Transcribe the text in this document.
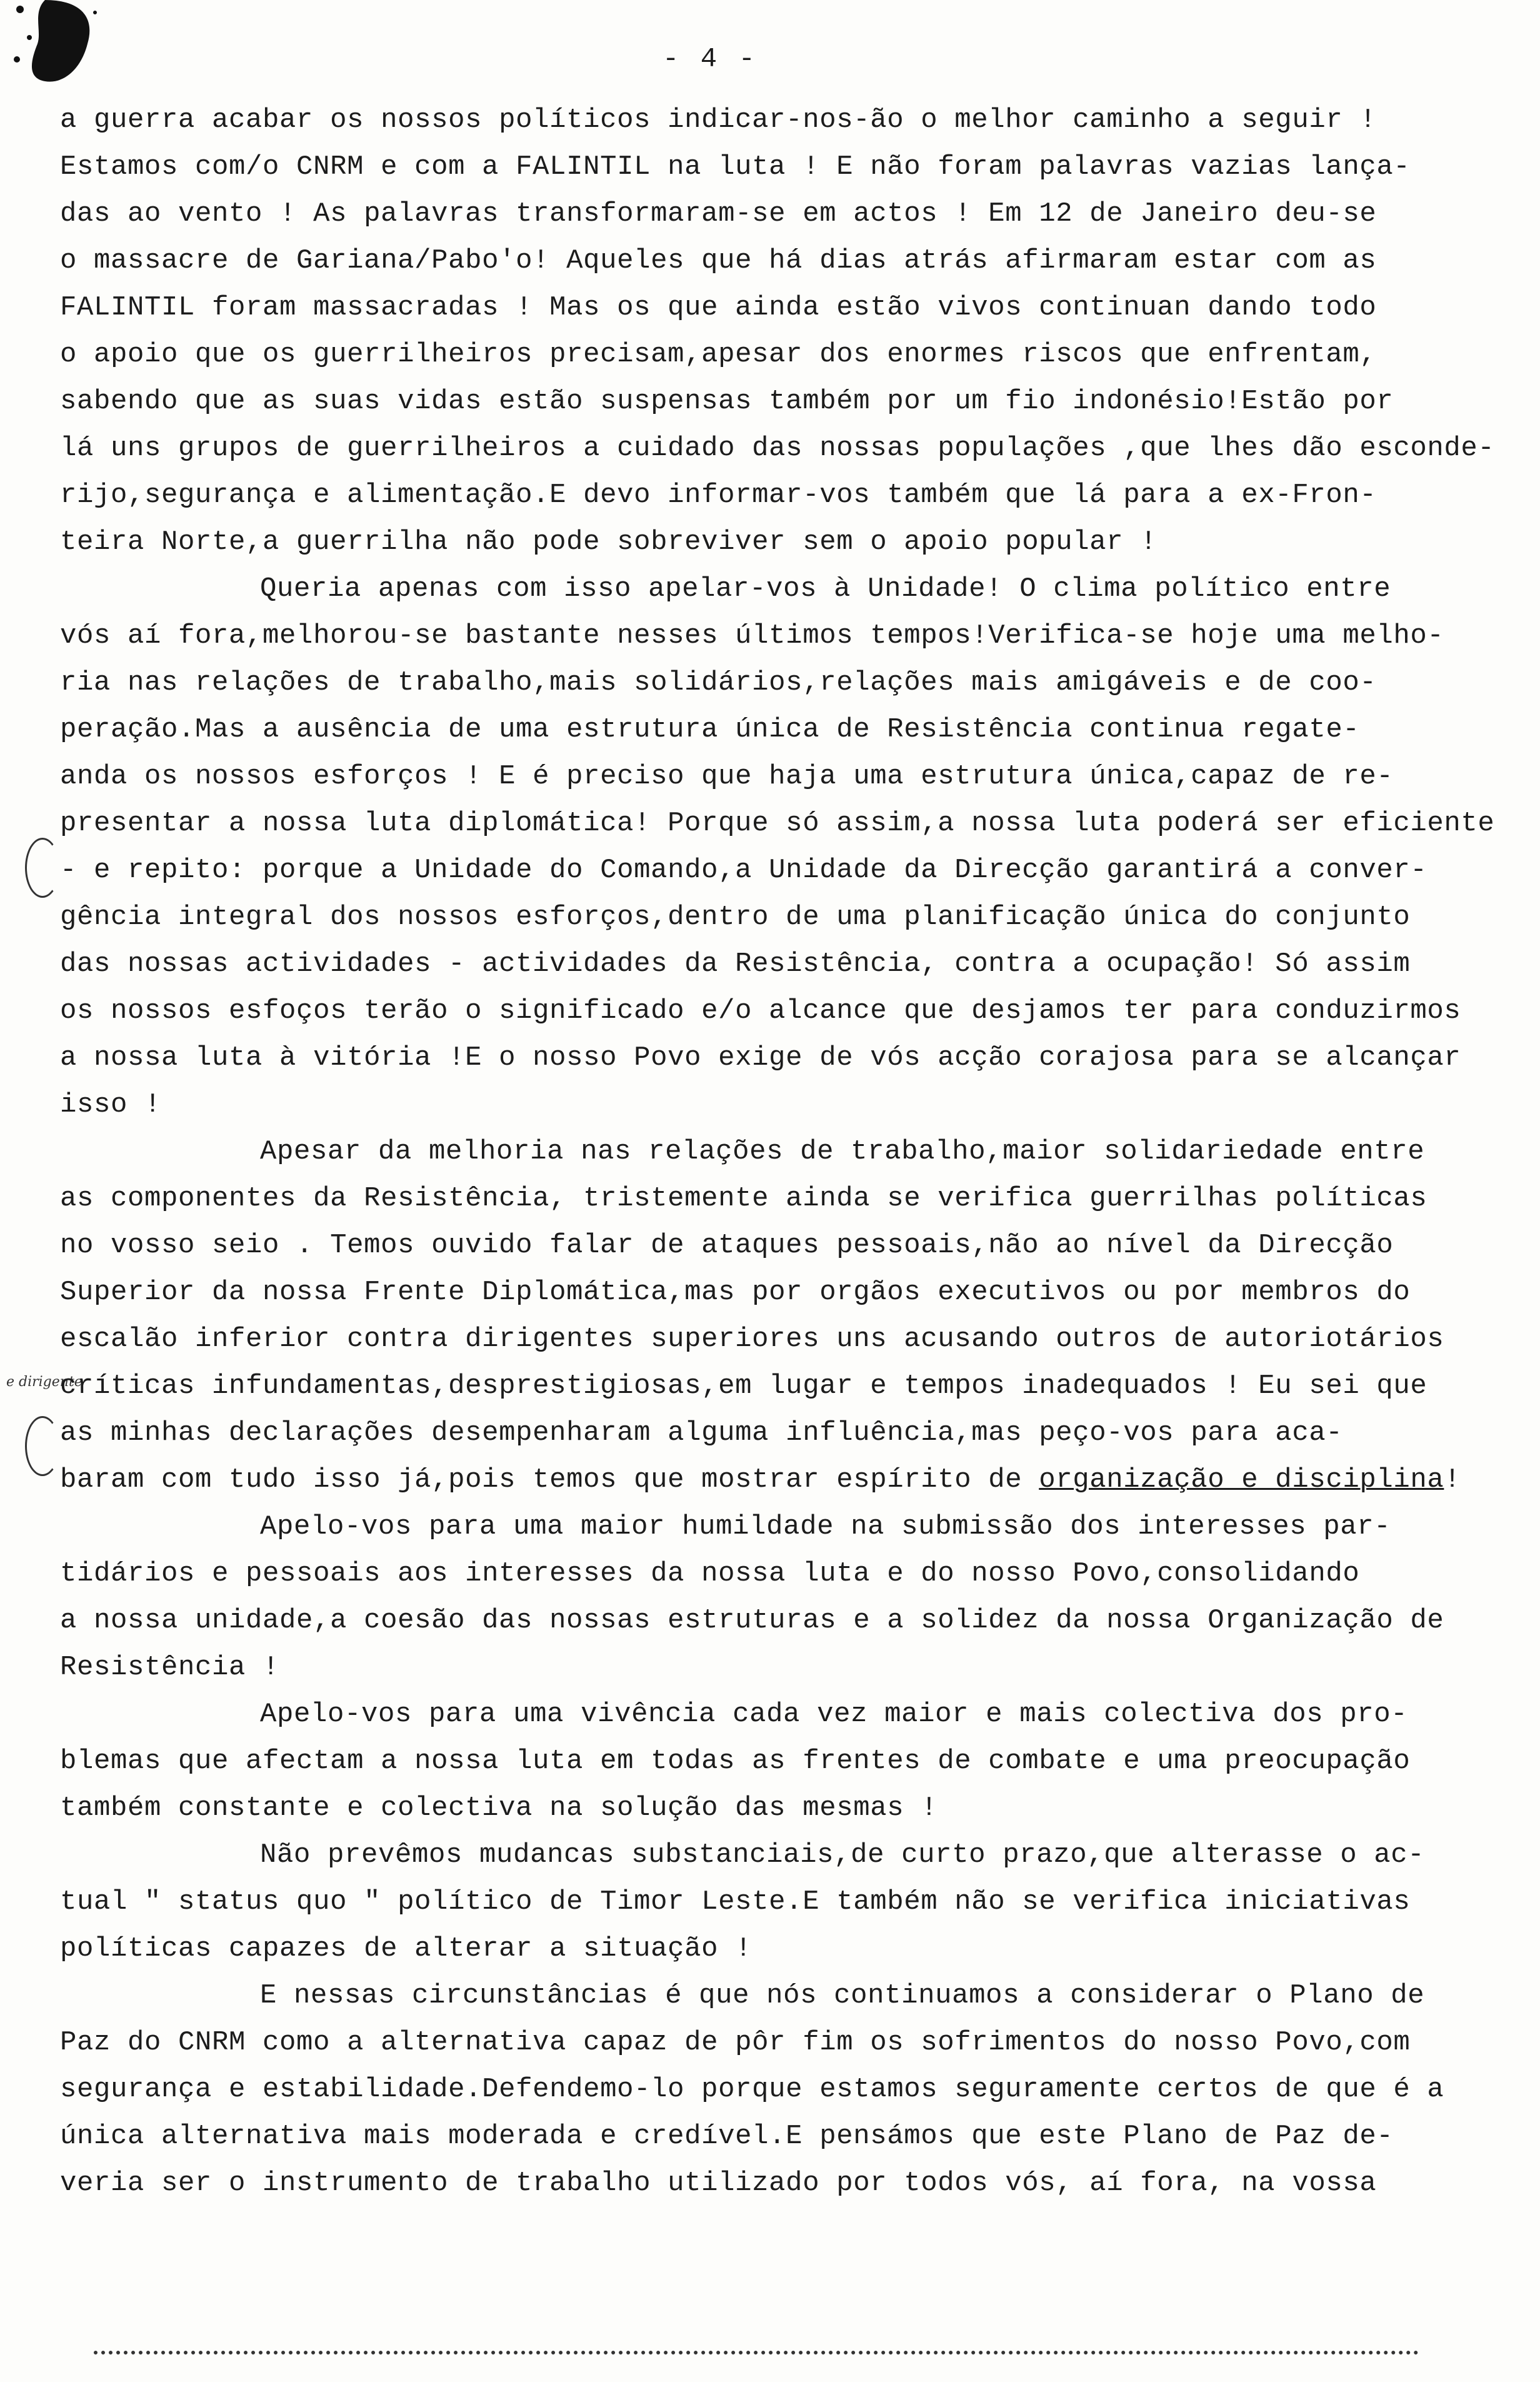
- 4 -
e dirigente
a guerra acabar os nossos políticos indicar-nos-ão o melhor caminho a seguir !
Estamos com/o CNRM e com a FALINTIL na luta ! E não foram palavras vazias lança-
das ao vento ! As palavras transformaram-se em actos ! Em 12 de Janeiro deu-se
o massacre de Gariana/Pabo'o! Aqueles que há dias atrás afirmaram estar com as
FALINTIL foram massacradas ! Mas os que ainda estão vivos continuan dando todo
o apoio que os guerrilheiros precisam,apesar dos enormes riscos que enfrentam,
sabendo que as suas vidas estão suspensas também por um fio indonésio!Estão por
lá uns grupos de guerrilheiros a cuidado das nossas populações ,que lhes dão esconde-
rijo,segurança e alimentação.E devo informar-vos também que lá para a ex-Fron-
teira Norte,a guerrilha não pode sobreviver sem o apoio popular !
Queria apenas com isso apelar-vos à Unidade! O clima político entre
vós aí fora,melhorou-se bastante nesses últimos tempos!Verifica-se hoje uma melho-
ria nas relações de trabalho,mais solidários,relações mais amigáveis e de coo-
peração.Mas a ausência de uma estrutura única de Resistência continua regate-
anda os nossos esforços ! E é preciso que haja uma estrutura única,capaz de re-
presentar a nossa luta diplomática! Porque só assim,a nossa luta poderá ser eficiente
- e repito: porque a Unidade do Comando,a Unidade da Direcção garantirá a conver-
gência integral dos nossos esforços,dentro de uma planificação única do conjunto
das nossas actividades - actividades da Resistência, contra a ocupação! Só assim
os nossos esfoços terão o significado e/o alcance que desjamos ter para conduzirmos
a nossa luta à vitória !E o nosso Povo exige de vós acção corajosa para se alcançar
isso !
Apesar da melhoria nas relações de trabalho,maior solidariedade entre
as componentes da Resistência, tristemente ainda se verifica guerrilhas políticas
no vosso seio . Temos ouvido falar de ataques pessoais,não ao nível da Direcção
Superior da nossa Frente Diplomática,mas por orgãos executivos ou por membros do
escalão inferior contra dirigentes superiores uns acusando outros de autoriotários
críticas infundamentas,desprestigiosas,em lugar e tempos inadequados ! Eu sei que
as minhas declarações desempenharam alguma influência,mas peço-vos para aca-
baram com tudo isso já,pois temos que mostrar espírito de organização e disciplina!
Apelo-vos para uma maior humildade na submissão dos interesses par-
tidários e pessoais aos interesses da nossa luta e do nosso Povo,consolidando
a nossa unidade,a coesão das nossas estruturas e a solidez da nossa Organização de
Resistência !
Apelo-vos para uma vivência cada vez maior e mais colectiva dos pro-
blemas que afectam a nossa luta em todas as frentes de combate e uma preocupação
também constante e colectiva na solução das mesmas !
Não prevêmos mudancas substanciais,de curto prazo,que alterasse o ac-
tual " status quo " político de Timor Leste.E também não se verifica iniciativas
políticas capazes de alterar a situação !
E nessas circunstâncias é que nós continuamos a considerar o Plano de
Paz do CNRM como a alternativa capaz de pôr fim os sofrimentos do nosso Povo,com
segurança e estabilidade.Defendemo-lo porque estamos seguramente certos de que é a
única alternativa mais moderada e credível.E pensámos que este Plano de Paz de-
veria ser o instrumento de trabalho utilizado por todos vós, aí fora, na vossa
